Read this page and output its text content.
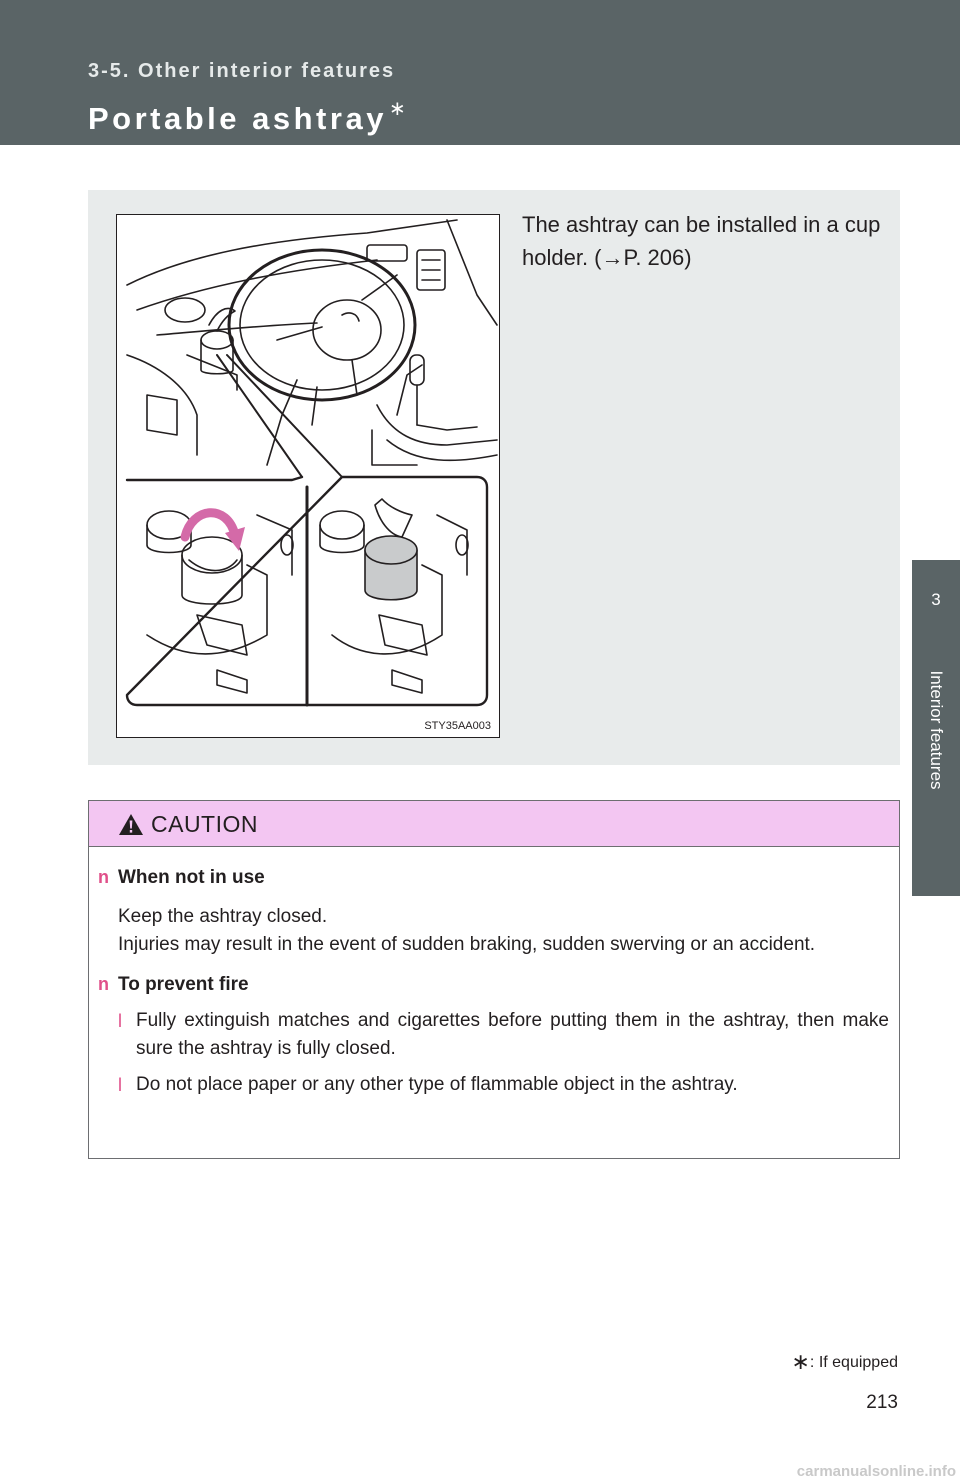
3-5. Other interior features
Portable ashtray ∗
3
Interior features
STY35AA003
The ashtray can be installed in a cup holder. (→P. 206)
CAUTION
n When not in use
Keep the ashtray closed.
Injuries may result in the event of sudden braking, sudden swerving or an accident.
n To prevent fire
l Fully extinguish matches and cigarettes before putting them in the ashtray, then make sure the ashtray is fully closed.
l Do not place paper or any other type of flammable object in the ashtray.
∗: If equipped
213
carmanualsonline.info
